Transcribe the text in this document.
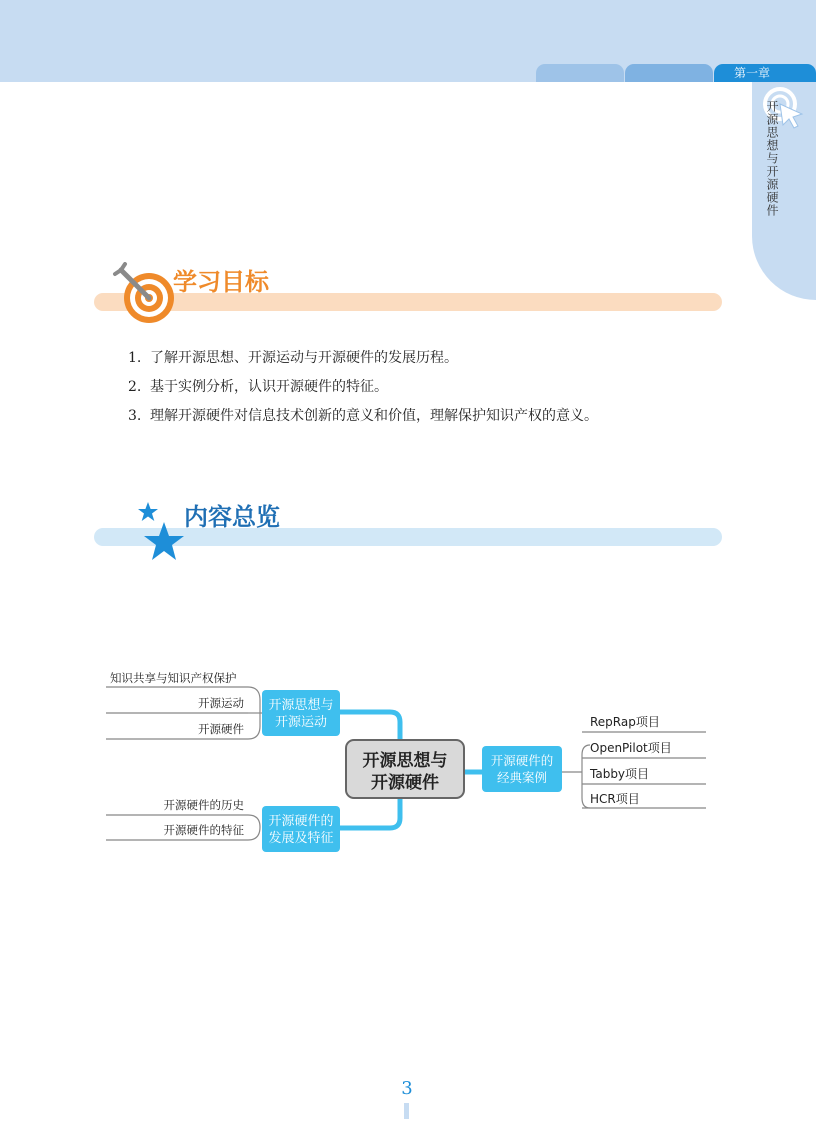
第一章
开源思想与开源硬件
学习目标
1. 了解开源思想、开源运动与开源硬件的发展历程。
2. 基于实例分析，认识开源硬件的特征。
3. 理解开源硬件对信息技术创新的意义和价值，理解保护知识产权的意义。
内容总览
开源思想与
开源运动
开源硬件的
发展及特征
开源硬件的
经典案例
开源思想与
开源硬件
知识共享与知识产权保护
开源运动
开源硬件
开源硬件的历史
开源硬件的特征
RepRap项目
OpenPilot项目
Tabby项目
HCR项目
3
